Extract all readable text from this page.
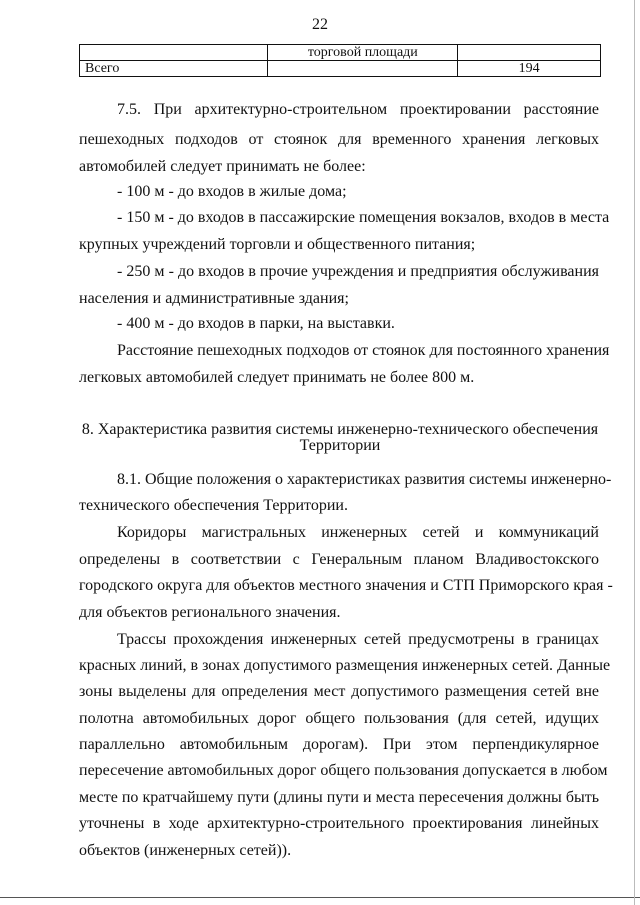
22
	торговой площади	
Всего		194
7.5. При архитектурно-строительном проектировании расстояние
пешеходных подходов от стоянок для временного хранения легковых
автомобилей следует принимать не более:
- 100 м - до входов в жилые дома;
- 150 м - до входов в пассажирские помещения вокзалов, входов в места
крупных учреждений торговли и общественного питания;
- 250 м - до входов в прочие учреждения и предприятия обслуживания
населения и административные здания;
- 400 м - до входов в парки, на выставки.
Расстояние пешеходных подходов от стоянок для постоянного хранения
легковых автомобилей следует принимать не более 800 м.
8. Характеристика развития системы инженерно-технического обеспечения
Территории
8.1. Общие положения о характеристиках развития системы инженерно-
технического обеспечения Территории.
Коридоры магистральных инженерных сетей и коммуникаций
определены в соответствии с Генеральным планом Владивостокского
городского округа для объектов местного значения и СТП Приморского края -
для объектов регионального значения.
Трассы прохождения инженерных сетей предусмотрены в границах
красных линий, в зонах допустимого размещения инженерных сетей. Данные
зоны выделены для определения мест допустимого размещения сетей вне
полотна автомобильных дорог общего пользования (для сетей, идущих
параллельно автомобильным дорогам). При этом перпендикулярное
пересечение автомобильных дорог общего пользования допускается в любом
месте по кратчайшему пути (длины пути и места пересечения должны быть
уточнены в ходе архитектурно-строительного проектирования линейных
объектов (инженерных сетей)).
